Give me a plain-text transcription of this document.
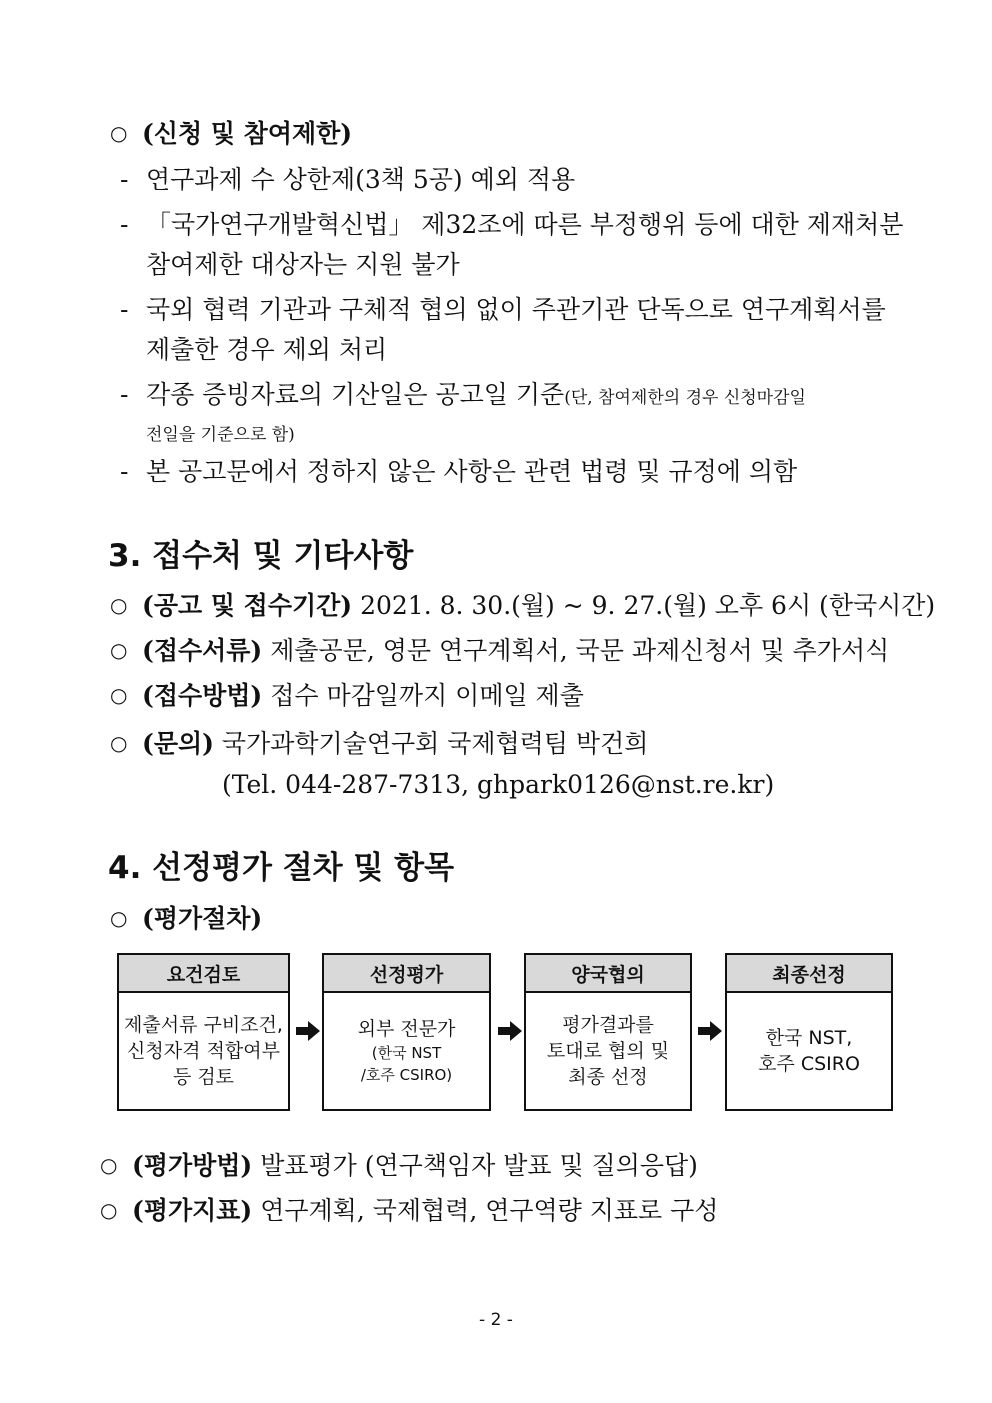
○ (신청 및 참여제한)
- 연구과제 수 상한제(3책 5공) 예외 적용
- 「국가연구개발혁신법」 제32조에 따른 부정행위 등에 대한 제재처분
참여제한 대상자는 지원 불가
- 국외 협력 기관과 구체적 협의 없이 주관기관 단독으로 연구계획서를
제출한 경우 제외 처리
- 각종 증빙자료의 기산일은 공고일 기준(단, 참여제한의 경우 신청마감일
전일을 기준으로 함)
- 본 공고문에서 정하지 않은 사항은 관련 법령 및 규정에 의함
3. 접수처 및 기타사항
○ (공고 및 접수기간) 2021. 8. 30.(월) ~ 9. 27.(월) 오후 6시 (한국시간)
○ (접수서류) 제출공문, 영문 연구계획서, 국문 과제신청서 및 추가서식
○ (접수방법) 접수 마감일까지 이메일 제출
○ (문의) 국가과학기술연구회 국제협력팀 박건희
(Tel. 044-287-7313, ghpark0126@nst.re.kr)
4. 선정평가 절차 및 항목
○ (평가절차)
요건검토
제출서류 구비조건,
신청자격 적합여부
등 검토
선정평가
외부 전문가
(한국 NST
/호주 CSIRO)
양국협의
평가결과를
토대로 협의 및
최종 선정
최종선정
한국 NST,
호주 CSIRO
○ (평가방법) 발표평가 (연구책임자 발표 및 질의응답)
○ (평가지표) 연구계획, 국제협력, 연구역량 지표로 구성
- 2 -
